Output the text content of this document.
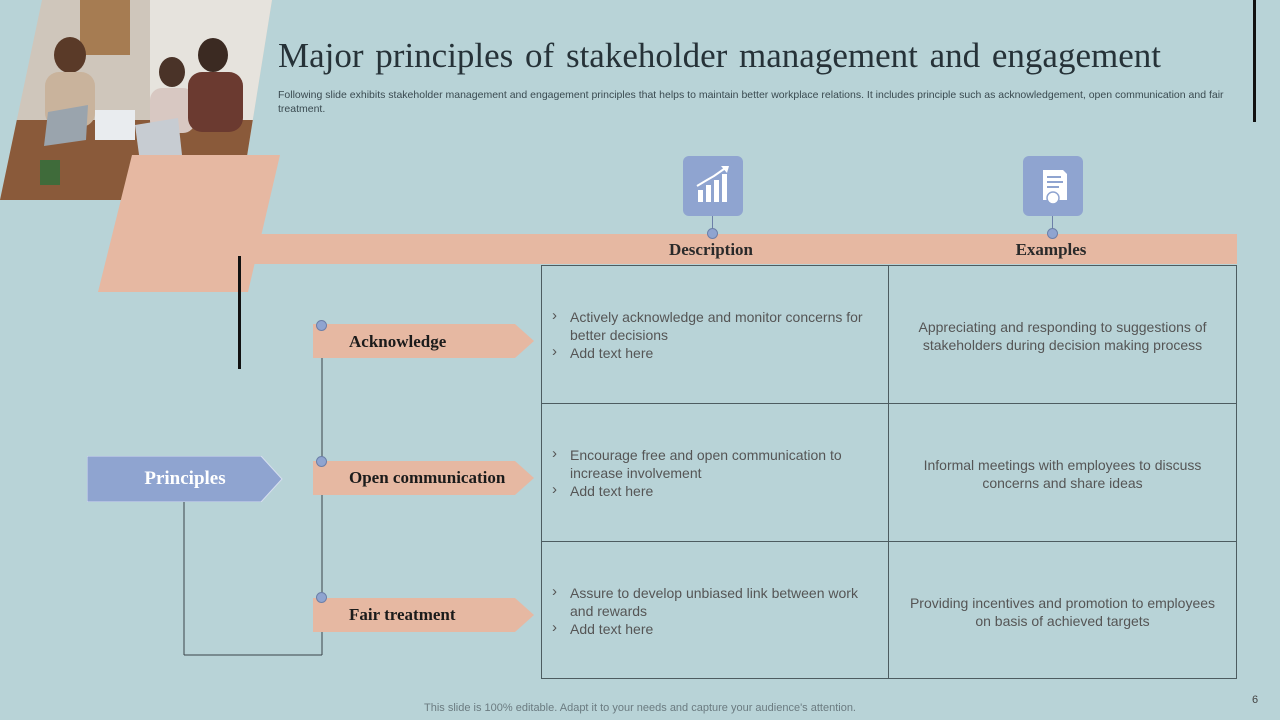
Major principles of stakeholder management and engagement
Following slide exhibits stakeholder management and engagement principles that helps to maintain better workplace relations. It includes principle such as acknowledgement, open communication and fair treatment.
Description	Examples
Principles
Acknowledge
Open communication
Fair treatment
› Actively acknowledge and monitor concerns for better decisions
› Add text here
Appreciating and responding to suggestions of stakeholders during decision making process
› Encourage free and open communication to increase involvement
› Add text here
Informal meetings with employees to discuss concerns and share ideas
› Assure to develop unbiased link between work and rewards
› Add text here
Providing incentives and promotion to employees on basis of achieved targets
This slide is 100% editable. Adapt it to your needs and capture your audience's attention.
6
